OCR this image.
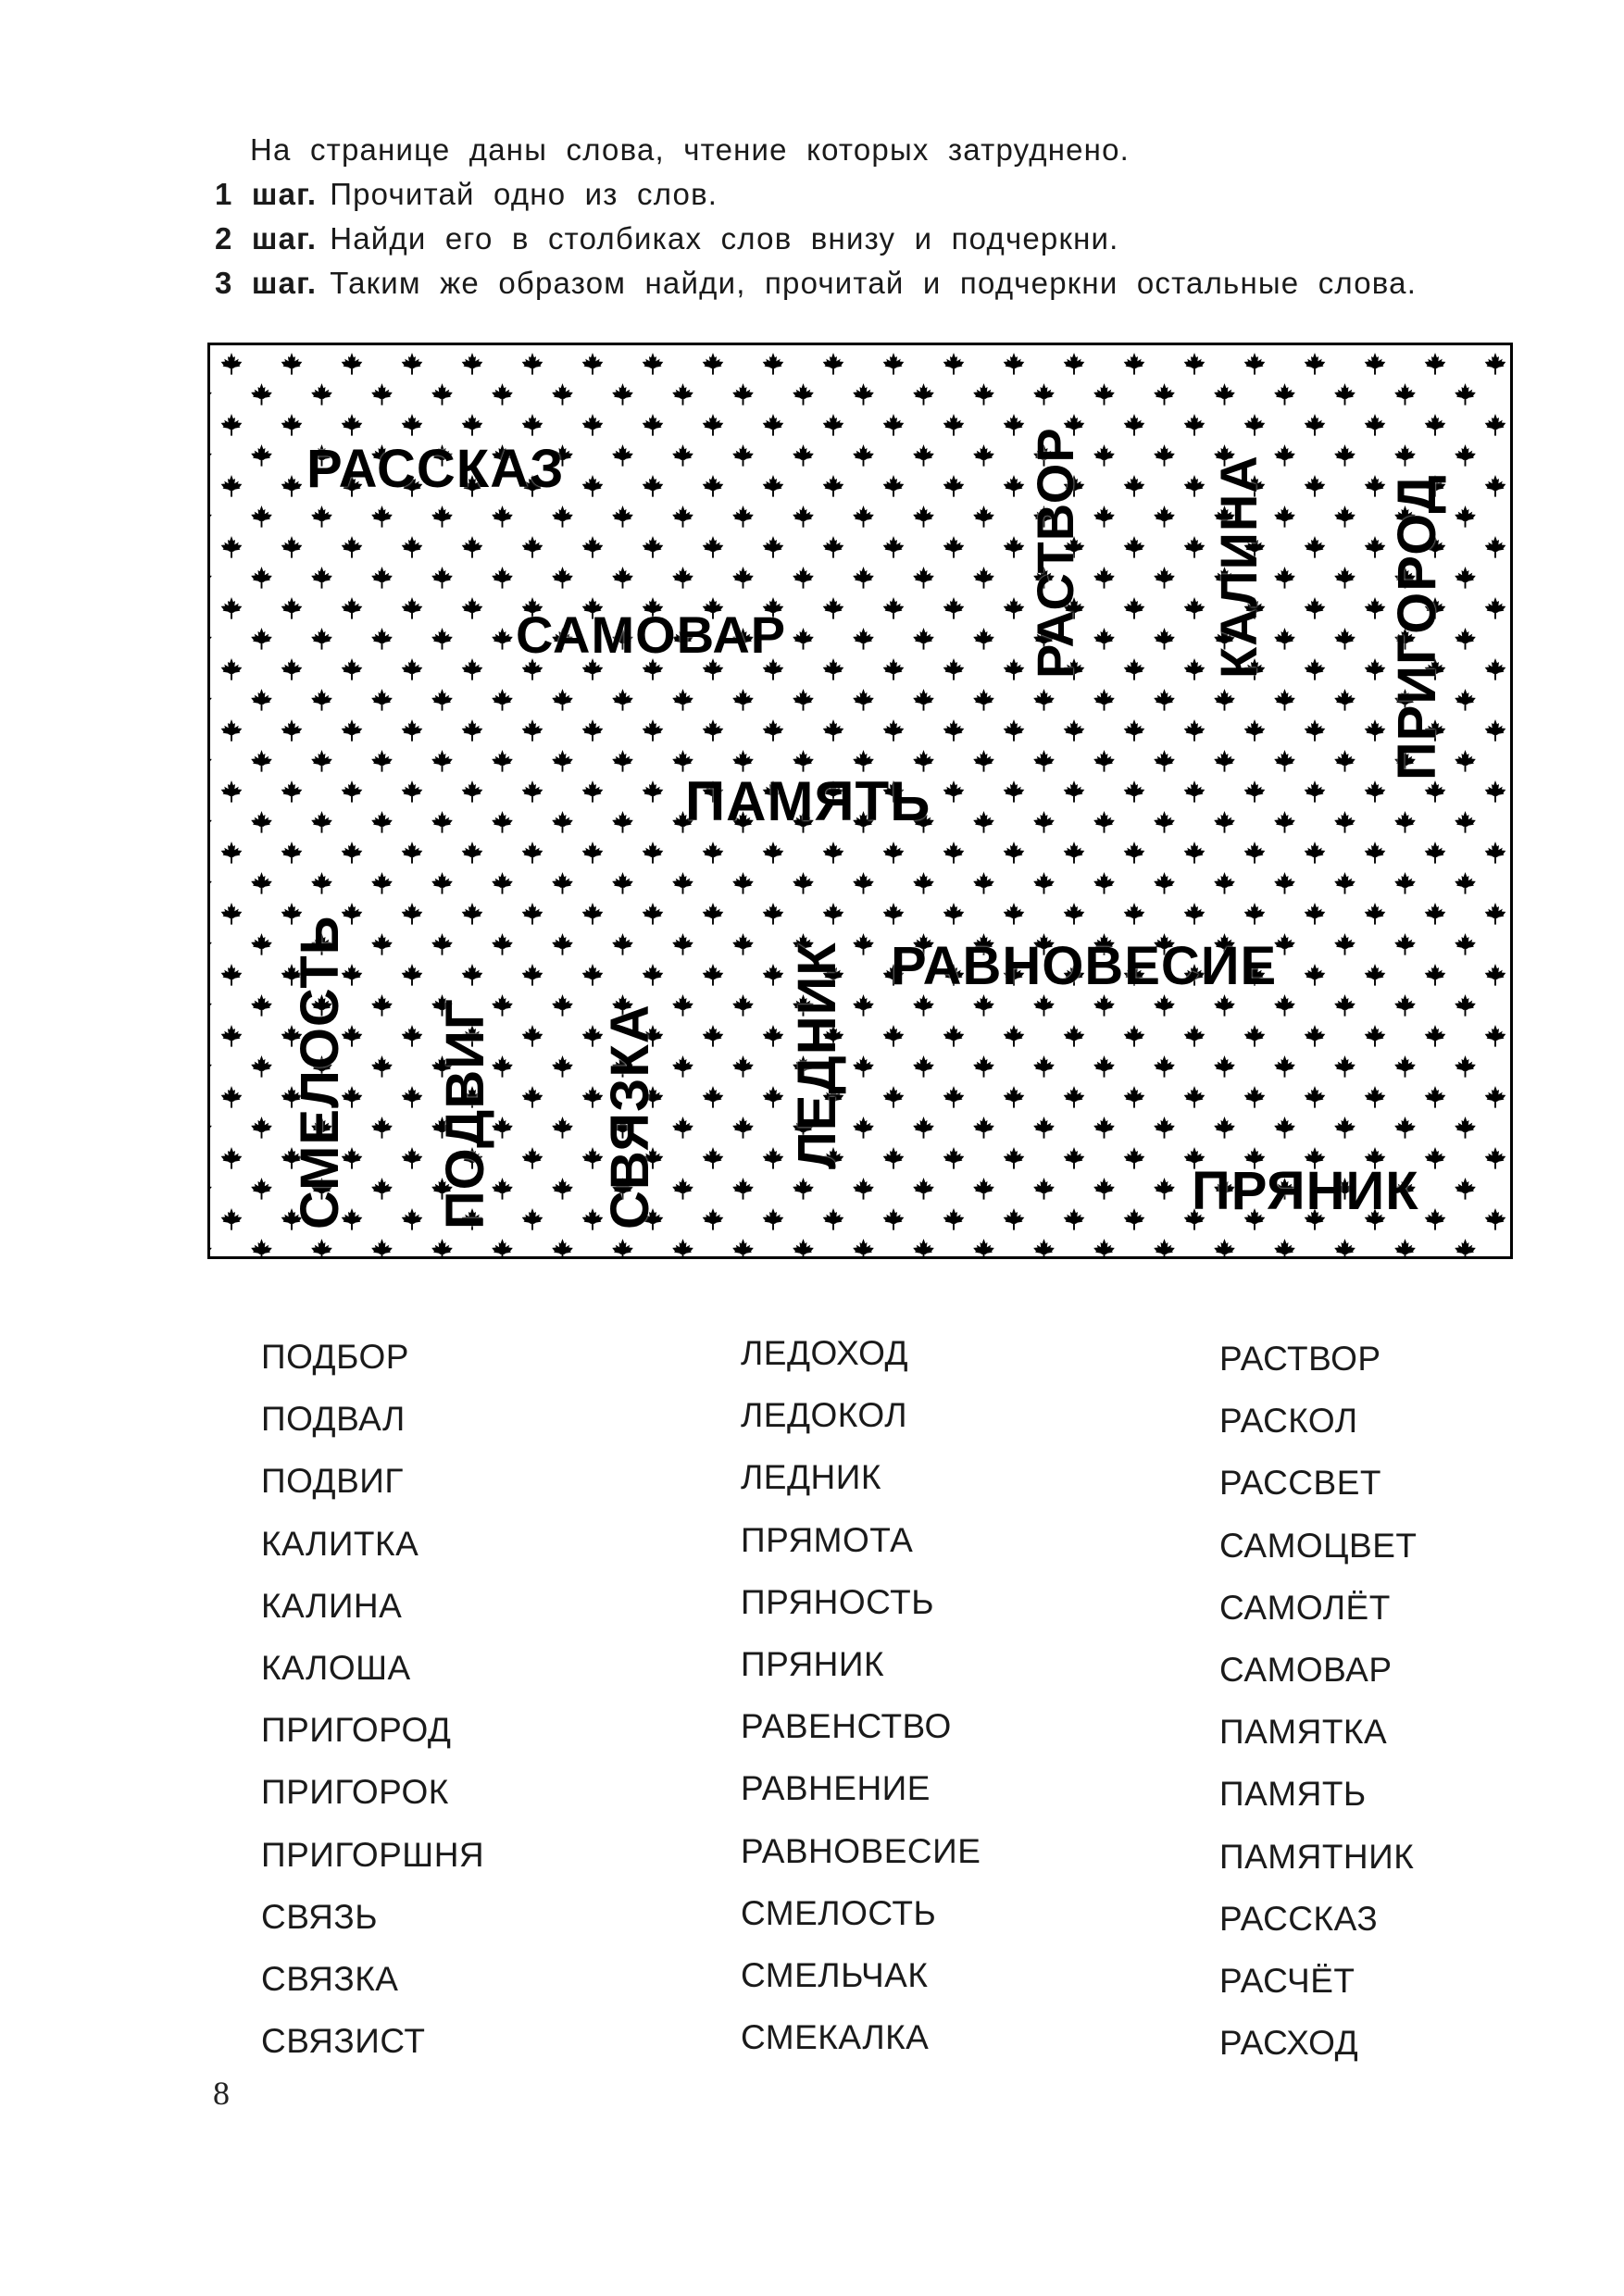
На странице даны слова, чтение которых затруднено.
1 шаг. Прочитай одно из слов.
2 шаг. Найди его в столбиках слов внизу и подчеркни.
3 шаг. Таким же образом найди, прочитай и подчеркни остальные слова.
РАССКАЗ
САМОВАР
ПАМЯТЬ
РАВНОВЕСИЕ
ПРЯНИК
РАСТВОР КАЛИНА ПРИГОРОД
СМЕЛОСТЬ ПОДВИГ СВЯЗКА ЛЕДНИК
ПОДБОР
ПОДВАЛ
ПОДВИГ
КАЛИТКА
КАЛИНА
КАЛОША
ПРИГОРОД
ПРИГОРОК
ПРИГОРШНЯ
СВЯЗЬ
СВЯЗКА
СВЯЗИСТ
ЛЕДОХОД
ЛЕДОКОЛ
ЛЕДНИК
ПРЯМОТА
ПРЯНОСТЬ
ПРЯНИК
РАВЕНСТВО
РАВНЕНИЕ
РАВНОВЕСИЕ
СМЕЛОСТЬ
СМЕЛЬЧАК
СМЕКАЛКА
РАСТВОР
РАСКОЛ
РАССВЕТ
САМОЦВЕТ
САМОЛЁТ
САМОВАР
ПАМЯТКА
ПАМЯТЬ
ПАМЯТНИК
РАССКАЗ
РАСЧЁТ
РАСХОД
8
